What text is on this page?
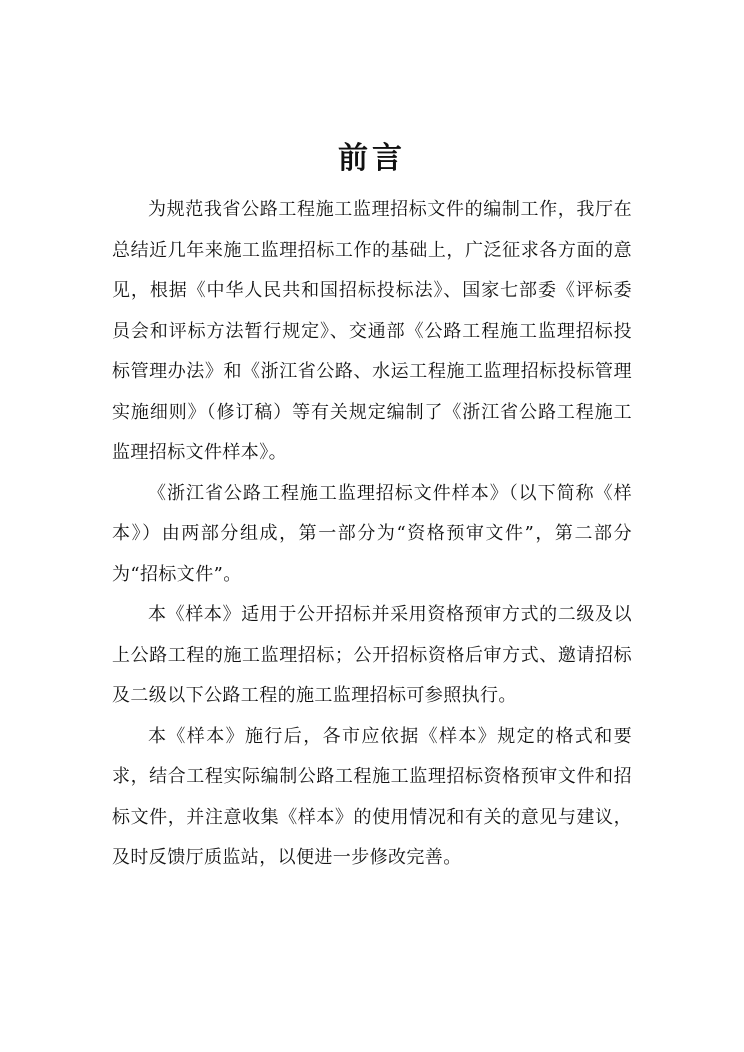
前言

为规范我省公路工程施工监理招标文件的编制工作，我厅在总结近几年来施工监理招标工作的基础上，广泛征求各方面的意见，根据《中华人民共和国招标投标法》、国家七部委《评标委员会和评标方法暂行规定》、交通部《公路工程施工监理招标投标管理办法》和《浙江省公路、水运工程施工监理招标投标管理实施细则》（修订稿）等有关规定编制了《浙江省公路工程施工监理招标文件样本》。

《浙江省公路工程施工监理招标文件样本》（以下简称《样本》）由两部分组成，第一部分为“资格预审文件”，第二部分为“招标文件”。

本《样本》适用于公开招标并采用资格预审方式的二级及以上公路工程的施工监理招标；公开招标资格后审方式、邀请招标及二级以下公路工程的施工监理招标可参照执行。

本《样本》施行后，各市应依据《样本》规定的格式和要求，结合工程实际编制公路工程施工监理招标资格预审文件和招标文件，并注意收集《样本》的使用情况和有关的意见与建议，及时反馈厅质监站，以便进一步修改完善。
